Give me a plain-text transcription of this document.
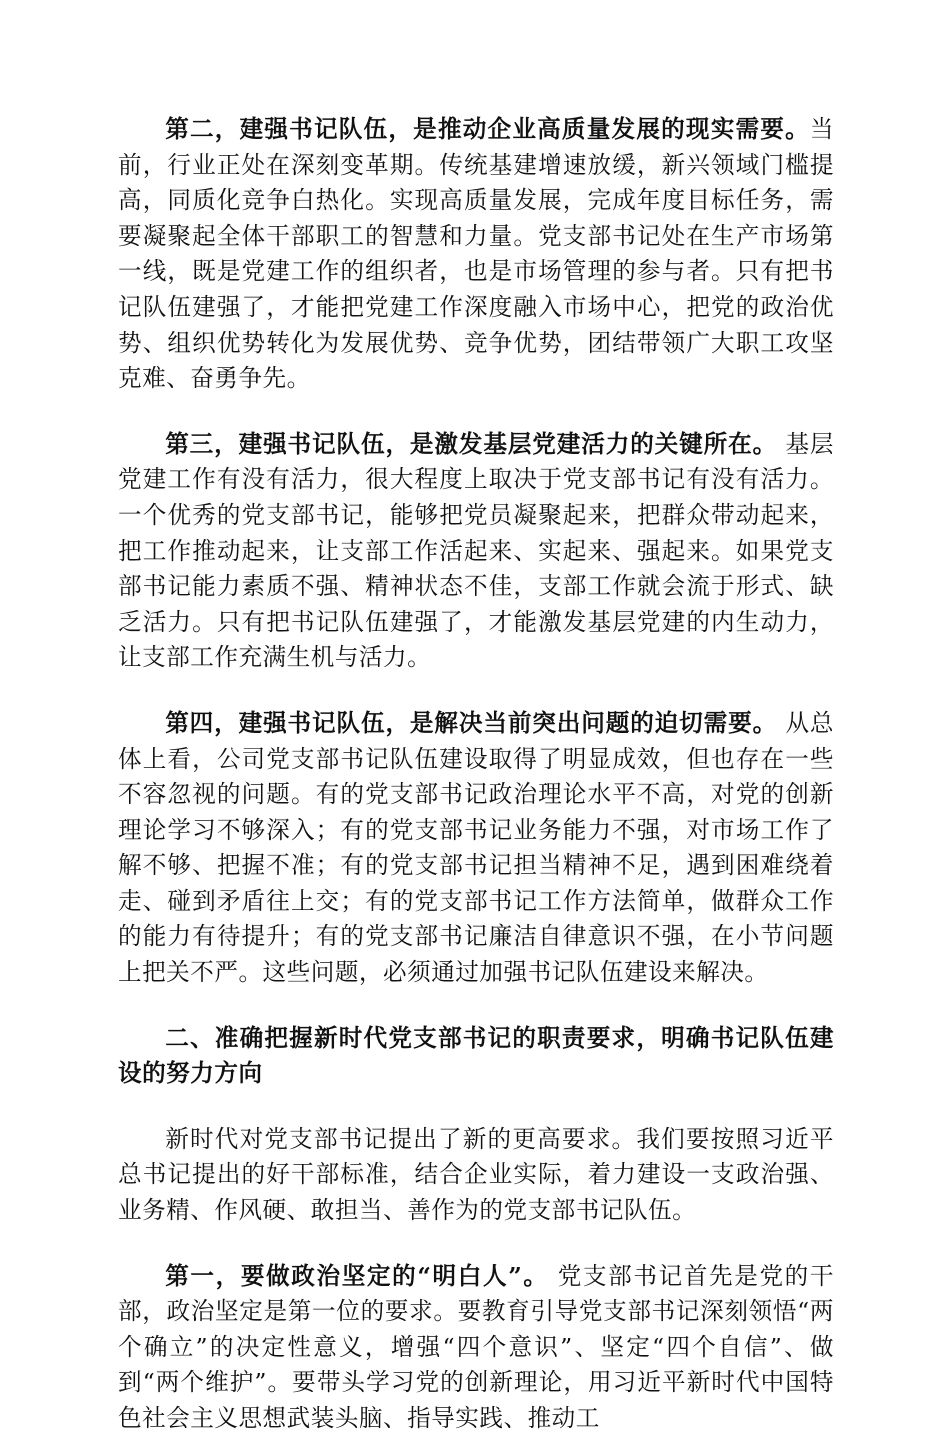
第二，建强书记队伍，是推动企业高质量发展的现实需要。当前，行业正处在深刻变革期。传统基建增速放缓，新兴领域门槛提高，同质化竞争白热化。实现高质量发展，完成年度目标任务，需要凝聚起全体干部职工的智慧和力量。党支部书记处在生产市场第一线，既是党建工作的组织者，也是市场管理的参与者。只有把书记队伍建强了，才能把党建工作深度融入市场中心，把党的政治优势、组织优势转化为发展优势、竞争优势，团结带领广大职工攻坚克难、奋勇争先。

第三，建强书记队伍，是激发基层党建活力的关键所在。 基层党建工作有没有活力，很大程度上取决于党支部书记有没有活力。一个优秀的党支部书记，能够把党员凝聚起来，把群众带动起来，把工作推动起来，让支部工作活起来、实起来、强起来。如果党支部书记能力素质不强、精神状态不佳，支部工作就会流于形式、缺乏活力。只有把书记队伍建强了，才能激发基层党建的内生动力，让支部工作充满生机与活力。

第四，建强书记队伍，是解决当前突出问题的迫切需要。 从总体上看，公司党支部书记队伍建设取得了明显成效，但也存在一些不容忽视的问题。有的党支部书记政治理论水平不高，对党的创新理论学习不够深入；有的党支部书记业务能力不强，对市场工作了解不够、把握不准；有的党支部书记担当精神不足，遇到困难绕着走、碰到矛盾往上交；有的党支部书记工作方法简单，做群众工作的能力有待提升；有的党支部书记廉洁自律意识不强，在小节问题上把关不严。这些问题，必须通过加强书记队伍建设来解决。

二、准确把握新时代党支部书记的职责要求，明确书记队伍建设的努力方向

新时代对党支部书记提出了新的更高要求。我们要按照习近平总书记提出的好干部标准，结合企业实际，着力建设一支政治强、业务精、作风硬、敢担当、善作为的党支部书记队伍。

第一，要做政治坚定的“明白人”。 党支部书记首先是党的干部，政治坚定是第一位的要求。要教育引导党支部书记深刻领悟“两个确立”的决定性意义，增强“四个意识”、坚定“四个自信”、做到“两个维护”。要带头学习党的创新理论，用习近平新时代中国特色社会主义思想武装头脑、指导实践、推动工
